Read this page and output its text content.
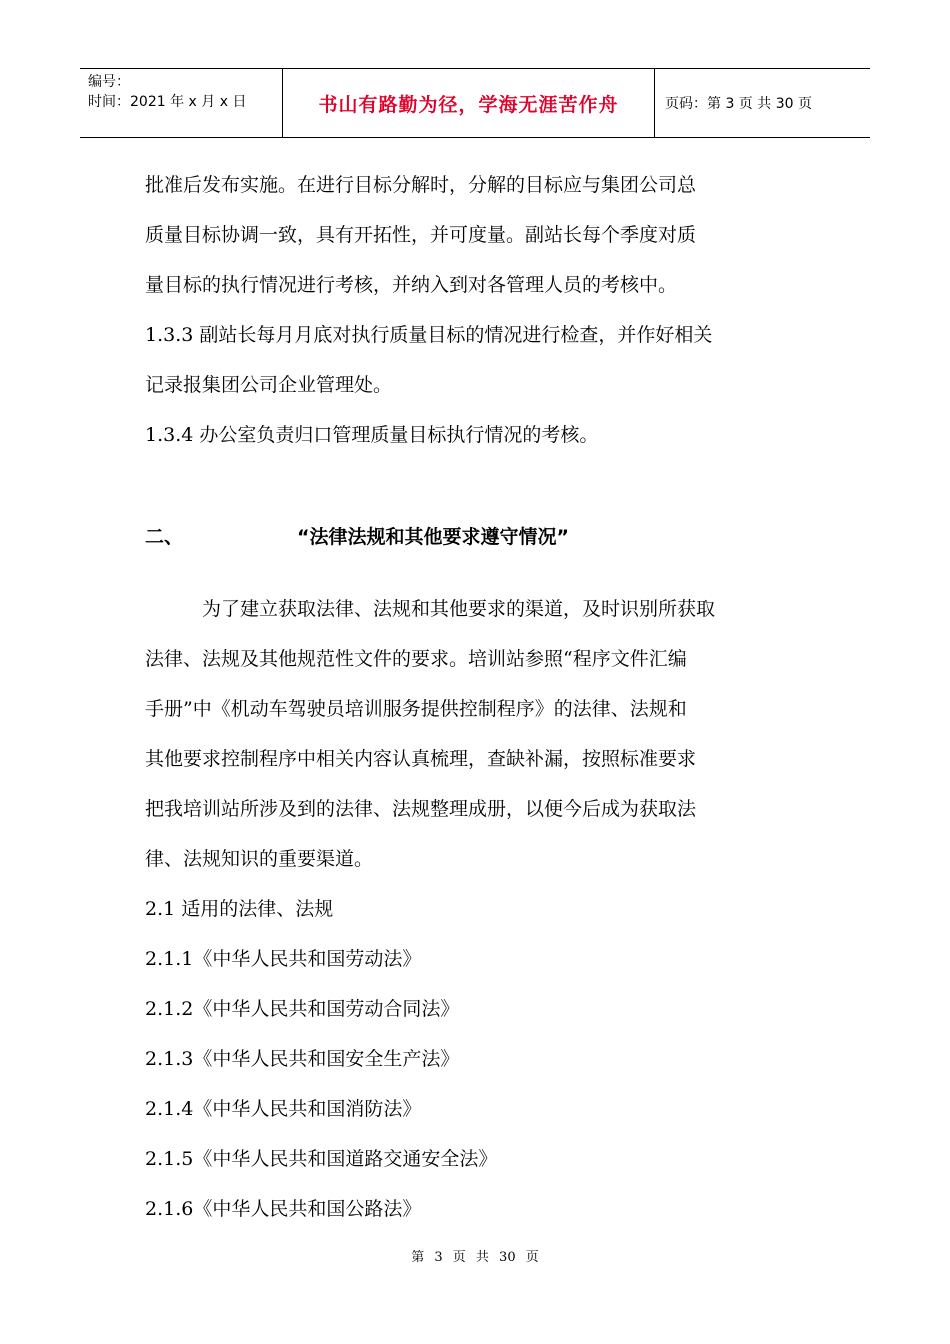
编号：
时间：2021 年 x 月 x 日	书山有路勤为径，学海无涯苦作舟	页码：第 3 页 共 30 页
批准后发布实施。在进行目标分解时，分解的目标应与集团公司总
质量目标协调一致，具有开拓性，并可度量。副站长每个季度对质
量目标的执行情况进行考核，并纳入到对各管理人员的考核中。
1.3.3 副站长每月月底对执行质量目标的情况进行检查，并作好相关
记录报集团公司企业管理处。
1.3.4 办公室负责归口管理质量目标执行情况的考核。
二、	“法律法规和其他要求遵守情况”
为了建立获取法律、法规和其他要求的渠道，及时识别所获取
法律、法规及其他规范性文件的要求。培训站参照“程序文件汇编
手册”中《机动车驾驶员培训服务提供控制程序》的法律、法规和
其他要求控制程序中相关内容认真梳理，查缺补漏，按照标准要求
把我培训站所涉及到的法律、法规整理成册，以便今后成为获取法
律、法规知识的重要渠道。
2.1 适用的法律、法规
2.1.1《中华人民共和国劳动法》
2.1.2《中华人民共和国劳动合同法》
2.1.3《中华人民共和国安全生产法》
2.1.4《中华人民共和国消防法》
2.1.5《中华人民共和国道路交通安全法》
2.1.6《中华人民共和国公路法》
第 3 页 共 30 页
